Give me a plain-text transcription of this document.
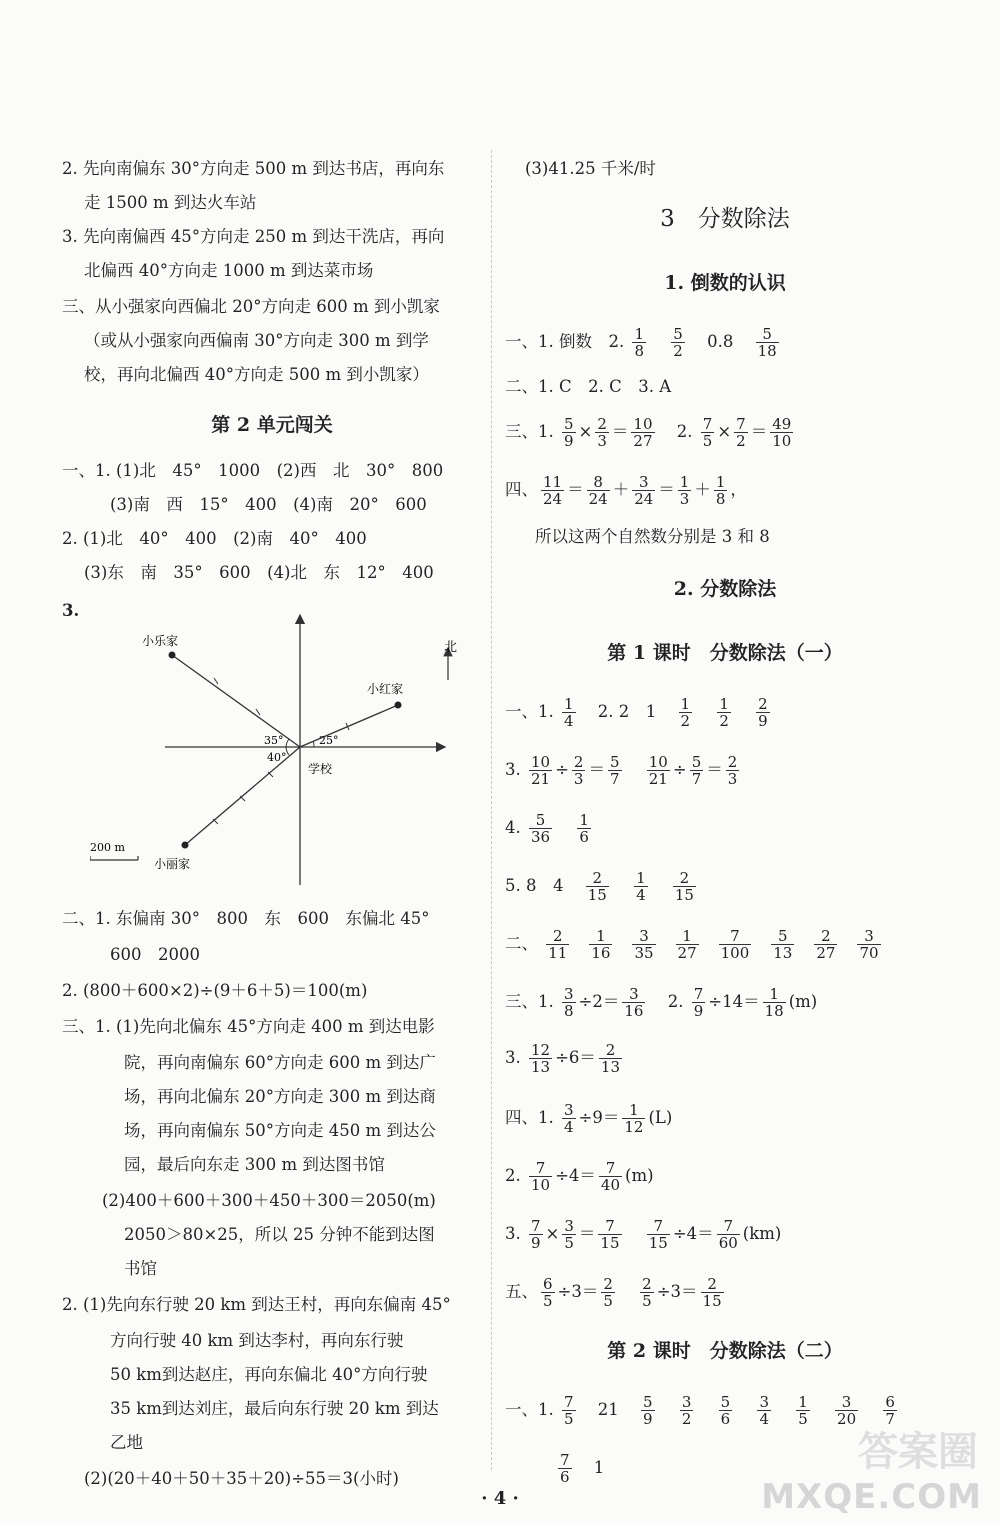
2. 先向南偏东 30°方向走 500 m 到达书店，再向东
走 1500 m 到达火车站
3. 先向南偏西 45°方向走 250 m 到达干洗店，再向
北偏西 40°方向走 1000 m 到达菜市场
三、从小强家向西偏北 20°方向走 600 m 到小凯家
（或从小强家向西偏南 30°方向走 300 m 到学
校，再向北偏西 40°方向走 500 m 到小凯家）
第 2 单元闯关
一、1. (1)北　45°　1000　(2)西　北　30°　800
(3)南　西　15°　400　(4)南　20°　600
2. (1)北　40°　400　(2)南　40°　400
(3)东　南　35°　600　(4)北　东　12°　400
3.
二、1. 东偏南 30°　800　东　600　东偏北 45°
600　2000
2. (800＋600×2)÷(9＋6＋5)＝100(m)
三、1. (1)先向北偏东 45°方向走 400 m 到达电影
院，再向南偏东 60°方向走 600 m 到达广
场，再向北偏东 20°方向走 300 m 到达商
场，再向南偏东 50°方向走 450 m 到达公
园，最后向东走 300 m 到达图书馆
(2)400＋600＋300＋450＋300＝2050(m)
2050＞80×25，所以 25 分钟不能到达图
书馆
2. (1)先向东行驶 20 km 到达王村，再向东偏南 45°
方向行驶 40 km 到达李村，再向东行驶
50 km到达赵庄，再向东偏北 40°方向行驶
35 km到达刘庄，最后向东行驶 20 km 到达
乙地
(2)(20＋40＋50＋35＋20)÷55＝3(小时)
北
小乐家
小红家
小丽家
学校
35°
40°
25°
200 m
(3)41.25 千米/时
3　分数除法
1. 倒数的认识
一、1. 倒数　2. $\frac{1}{8}$
$\frac{5}{2} 0.8 \frac{5}{18}$
二、1. C　2. C　3. A
三、1. $\frac{5}{9} \times \frac{2}{3} = \frac{10}{27} 2$. $\frac{7}{5} \times \frac{7}{2} = \frac{49}{10}$
四、 $\frac{11}{24} = \frac{8}{24} + \frac{3}{24} = \frac{1}{3} + \frac{1}{8}$ ，
所以这两个自然数分别是 3 和 8
2. 分数除法
第 1 课时　分数除法（一）
一、1. $\frac{1}{4} 2$. 2　$1 \frac{1}{2}$
$\frac{1}{2}$
$\frac{2}{9}$
3. $\frac{10}{21} \div \frac{2}{3} = \frac{5}{7}$
$\frac{10}{21} \div \frac{5}{7} = \frac{2}{3}$
4. $\frac{5}{36}$
$\frac{1}{6}$
5. 8　$4 \frac{2}{15}$
$\frac{1}{4}$
$\frac{2}{15}$
二、 $\frac{2}{11} \frac{1}{16} \frac{3}{35} \frac{1}{27} \frac{7}{100} \frac{5}{13} \frac{2}{27} \frac{3}{70}$
三、1. $\frac{3}{8} \div 2= \frac{3}{16} 2$. $\frac{7}{9} \div 14= \frac{1}{18} (m)$
3. $\frac{12}{13} \div 6= \frac{2}{13}$
四、1. $\frac{3}{4} \div 9= \frac{1}{12} (L)$
2. $\frac{7}{10} \div 4= \frac{7}{40} (m)$
3. $\frac{7}{9} \times \frac{3}{5} = \frac{7}{15}$
$\frac{7}{15} \div 4= \frac{7}{60} (km)$
五、 $\frac{6}{5} \div 3= \frac{2}{5}$
$\frac{2}{5} \div 3= \frac{2}{15}$
第 2 课时　分数除法（二）
一、1. $\frac{7}{5} 21 \frac{5}{9}$
$\frac{3}{2}$
$\frac{5}{6}$
$\frac{3}{4}$
$\frac{1}{5}$
$\frac{3}{20}$
$\frac{6}{7}$
$\frac{7}{6} 1$
· 4 ·
答案圈
MXQE.COM
